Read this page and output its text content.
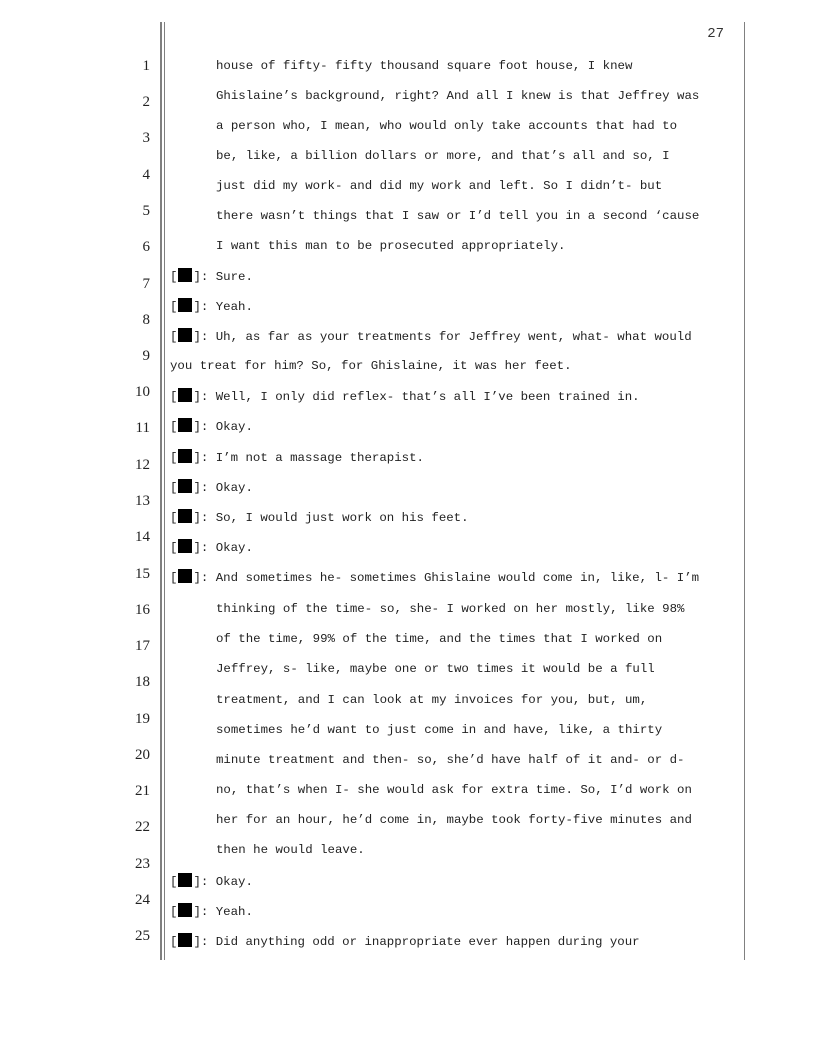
27
1
2
3
4
5
6
7
8
9
10
11
12
13
14
15
16
17
18
19
20
21
22
23
24
25
house of fifty- fifty thousand square foot house, I knew
Ghislaine’s background, right? And all I knew is that Jeffrey was
a person who, I mean, who would only take accounts that had to
be, like, a billion dollars or more, and that’s all and so, I
just did my work- and did my work and left. So I didn’t- but
there wasn’t things that I saw or I’d tell you in a second ‘cause
I want this man to be prosecuted appropriately.
[ ]: Sure.
[ ]: Yeah.
[ ]: Uh, as far as your treatments for Jeffrey went, what- what would
you treat for him? So, for Ghislaine, it was her feet.
[ ]: Well, I only did reflex- that’s all I’ve been trained in.
[ ]: Okay.
[ ]: I’m not a massage therapist.
[ ]: Okay.
[ ]: So, I would just work on his feet.
[ ]: Okay.
[ ]: And sometimes he- sometimes Ghislaine would come in, like, l- I’m
thinking of the time- so, she- I worked on her mostly, like 98%
of the time, 99% of the time, and the times that I worked on
Jeffrey, s- like, maybe one or two times it would be a full
treatment, and I can look at my invoices for you, but, um,
sometimes he’d want to just come in and have, like, a thirty
minute treatment and then- so, she’d have half of it and- or d-
no, that’s when I- she would ask for extra time. So, I’d work on
her for an hour, he’d come in, maybe took forty-five minutes and
then he would leave.
[ ]: Okay.
[ ]: Yeah.
[ ]: Did anything odd or inappropriate ever happen during your
